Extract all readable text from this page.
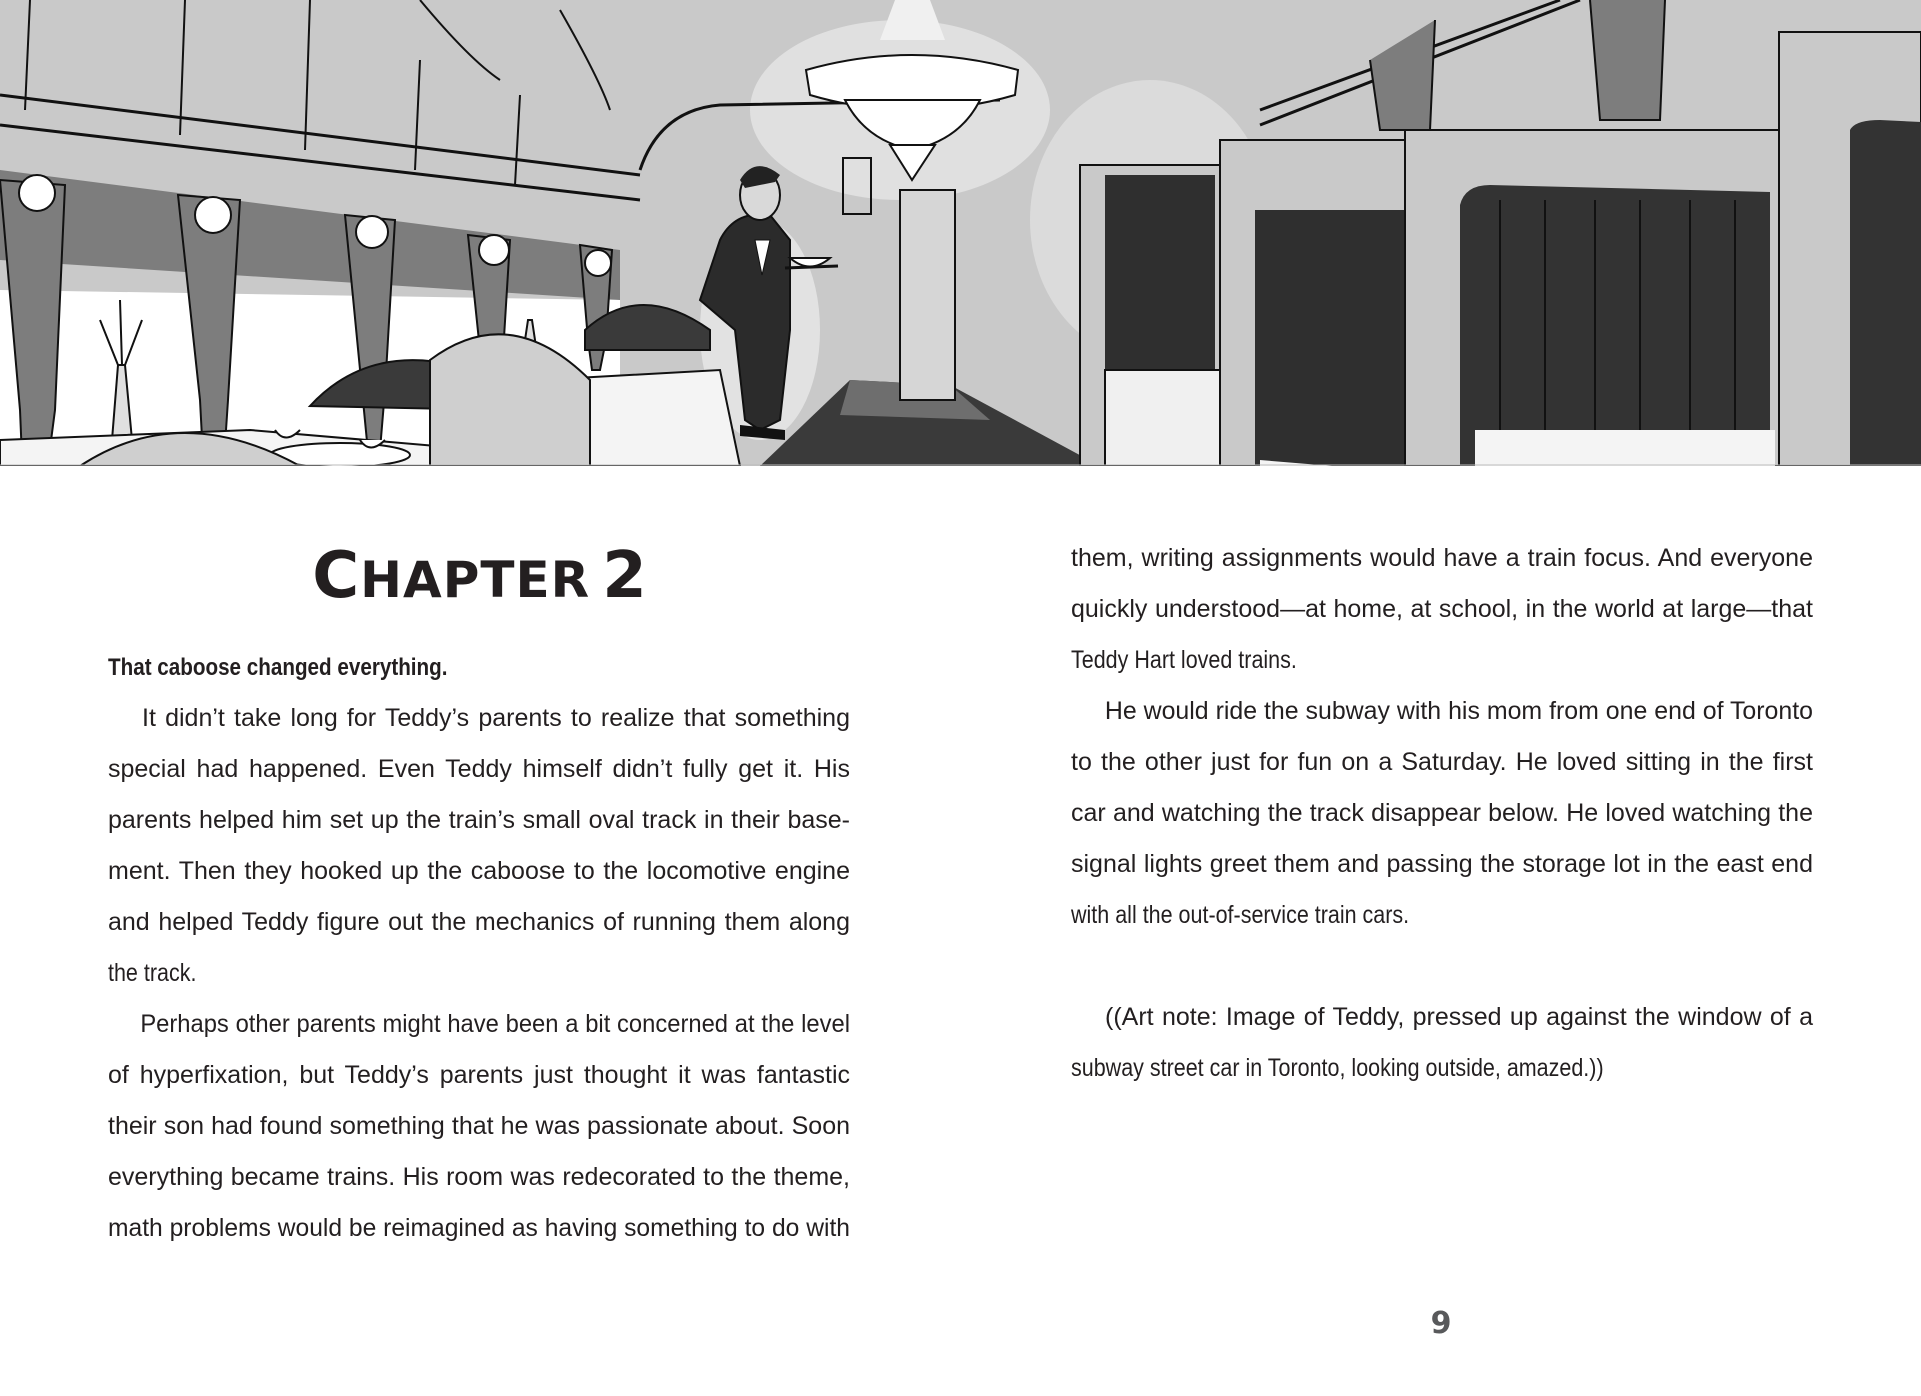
CHAPTER 2
That caboose changed everything.
It didn’t take long for Teddy’s parents to realize that something
special had happened. Even Teddy himself didn’t fully get it. His
parents helped him set up the train’s small oval track in their base-
ment. Then they hooked up the caboose to the locomotive engine
and helped Teddy figure out the mechanics of running them along
the track.
Perhaps other parents might have been a bit concerned at the level
of hyperfixation, but Teddy’s parents just thought it was fantastic
their son had found something that he was passionate about. Soon
everything became trains. His room was redecorated to the theme,
math problems would be reimagined as having something to do with
them, writing assignments would have a train focus. And everyone
quickly understood—at home, at school, in the world at large—that
Teddy Hart loved trains.
He would ride the subway with his mom from one end of Toronto
to the other just for fun on a Saturday. He loved sitting in the first
car and watching the track disappear below. He loved watching the
signal lights greet them and passing the storage lot in the east end
with all the out-of-service train cars.
((Art note: Image of Teddy, pressed up against the window of a
subway street car in Toronto, looking outside, amazed.))
9
